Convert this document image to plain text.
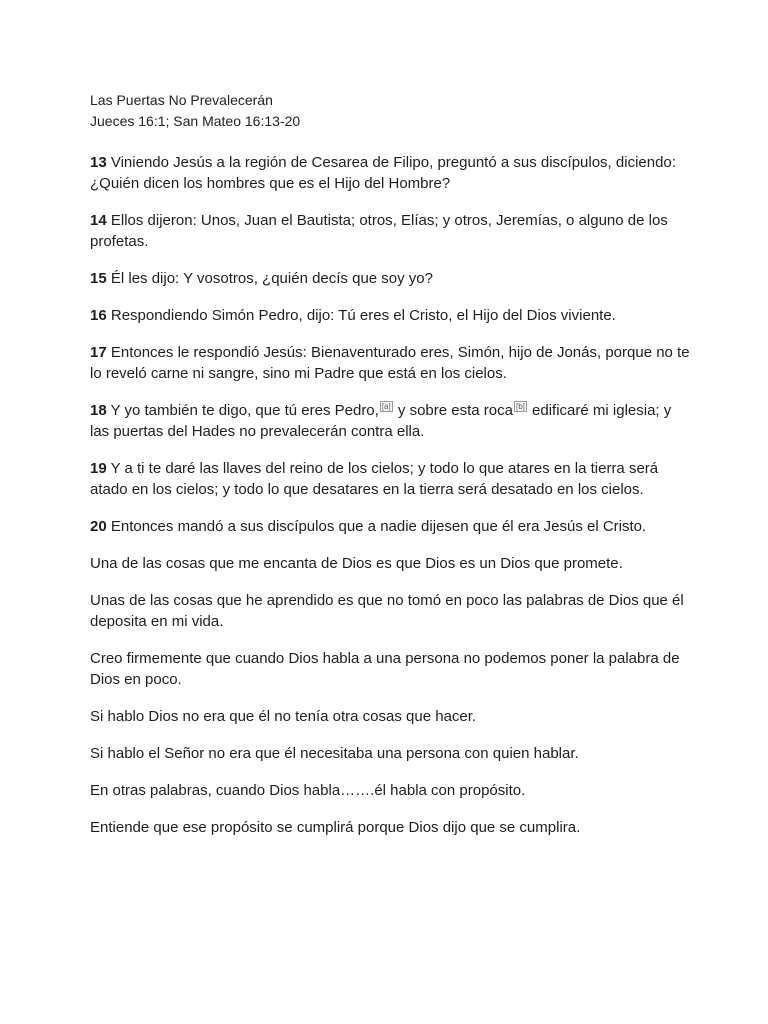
Las Puertas No Prevalecerán
Jueces 16:1; San Mateo 16:13-20

13 Viniendo Jesús a la región de Cesarea de Filipo, preguntó a sus discípulos, diciendo: ¿Quién dicen los hombres que es el Hijo del Hombre?

14 Ellos dijeron: Unos, Juan el Bautista; otros, Elías; y otros, Jeremías, o alguno de los profetas.

15 Él les dijo: Y vosotros, ¿quién decís que soy yo?

16 Respondiendo Simón Pedro, dijo: Tú eres el Cristo, el Hijo del Dios viviente.

17 Entonces le respondió Jesús: Bienaventurado eres, Simón, hijo de Jonás, porque no te lo reveló carne ni sangre, sino mi Padre que está en los cielos.

18 Y yo también te digo, que tú eres Pedro, [a] y sobre esta roca [b] edificaré mi iglesia; y las puertas del Hades no prevalecerán contra ella.

19 Y a ti te daré las llaves del reino de los cielos; y todo lo que atares en la tierra será atado en los cielos; y todo lo que desatares en la tierra será desatado en los cielos.

20 Entonces mandó a sus discípulos que a nadie dijesen que él era Jesús el Cristo.

Una de las cosas que me encanta de Dios es que Dios es un Dios que promete.

Unas de las cosas que he aprendido es que no tomó en poco las palabras de Dios que él deposita en mi vida.

Creo firmemente que cuando Dios habla a una persona no podemos poner la palabra de Dios en poco.

Si hablo Dios no era que él no tenía otra cosas que hacer.

Si hablo el Señor no era que él necesitaba una persona con quien hablar.

En otras palabras, cuando Dios habla…….él habla con propósito.

Entiende que ese propósito se cumplirá porque Dios dijo que se cumplira.
